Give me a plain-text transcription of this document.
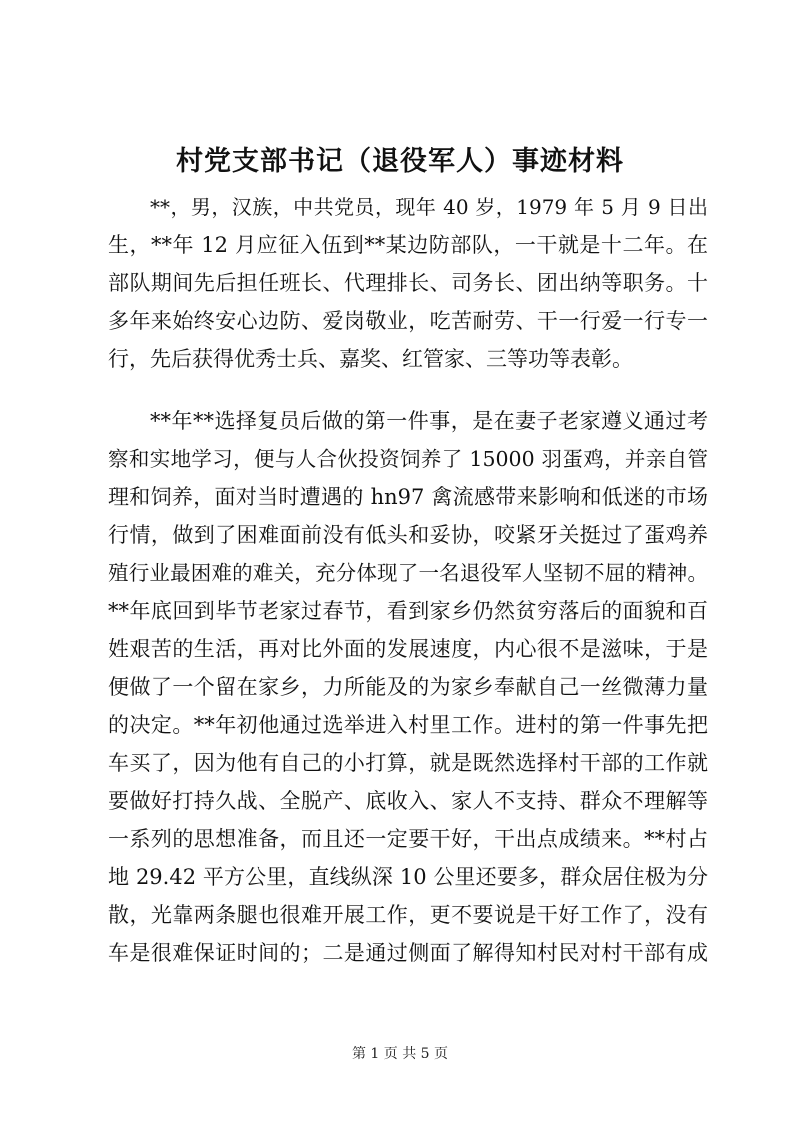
村党支部书记（退役军人）事迹材料

**，男，汉族，中共党员，现年 40 岁，1979 年 5 月 9 日出

生，**年 12 月应征入伍到**某边防部队，一干就是十二年。在

部队期间先后担任班长、代理排长、司务长、团出纳等职务。十

多年来始终安心边防、爱岗敬业，吃苦耐劳、干一行爱一行专一

行，先后获得优秀士兵、嘉奖、红管家、三等功等表彰。

**年**选择复员后做的第一件事，是在妻子老家遵义通过考

察和实地学习，便与人合伙投资饲养了 15000 羽蛋鸡，并亲自管

理和饲养，面对当时遭遇的 hn97 禽流感带来影响和低迷的市场

行情，做到了困难面前没有低头和妥协，咬紧牙关挺过了蛋鸡养

殖行业最困难的难关，充分体现了一名退役军人坚韧不屈的精神。

**年底回到毕节老家过春节，看到家乡仍然贫穷落后的面貌和百

姓艰苦的生活，再对比外面的发展速度，内心很不是滋味，于是

便做了一个留在家乡，力所能及的为家乡奉献自己一丝微薄力量

的决定。**年初他通过选举进入村里工作。进村的第一件事先把

车买了，因为他有自己的小打算，就是既然选择村干部的工作就

要做好打持久战、全脱产、底收入、家人不支持、群众不理解等

一系列的思想准备，而且还一定要干好，干出点成绩来。**村占

地 29.42 平方公里，直线纵深 10 公里还要多，群众居住极为分

散，光靠两条腿也很难开展工作，更不要说是干好工作了，没有

车是很难保证时间的；二是通过侧面了解得知村民对村干部有成

第 1 页 共 5 页
